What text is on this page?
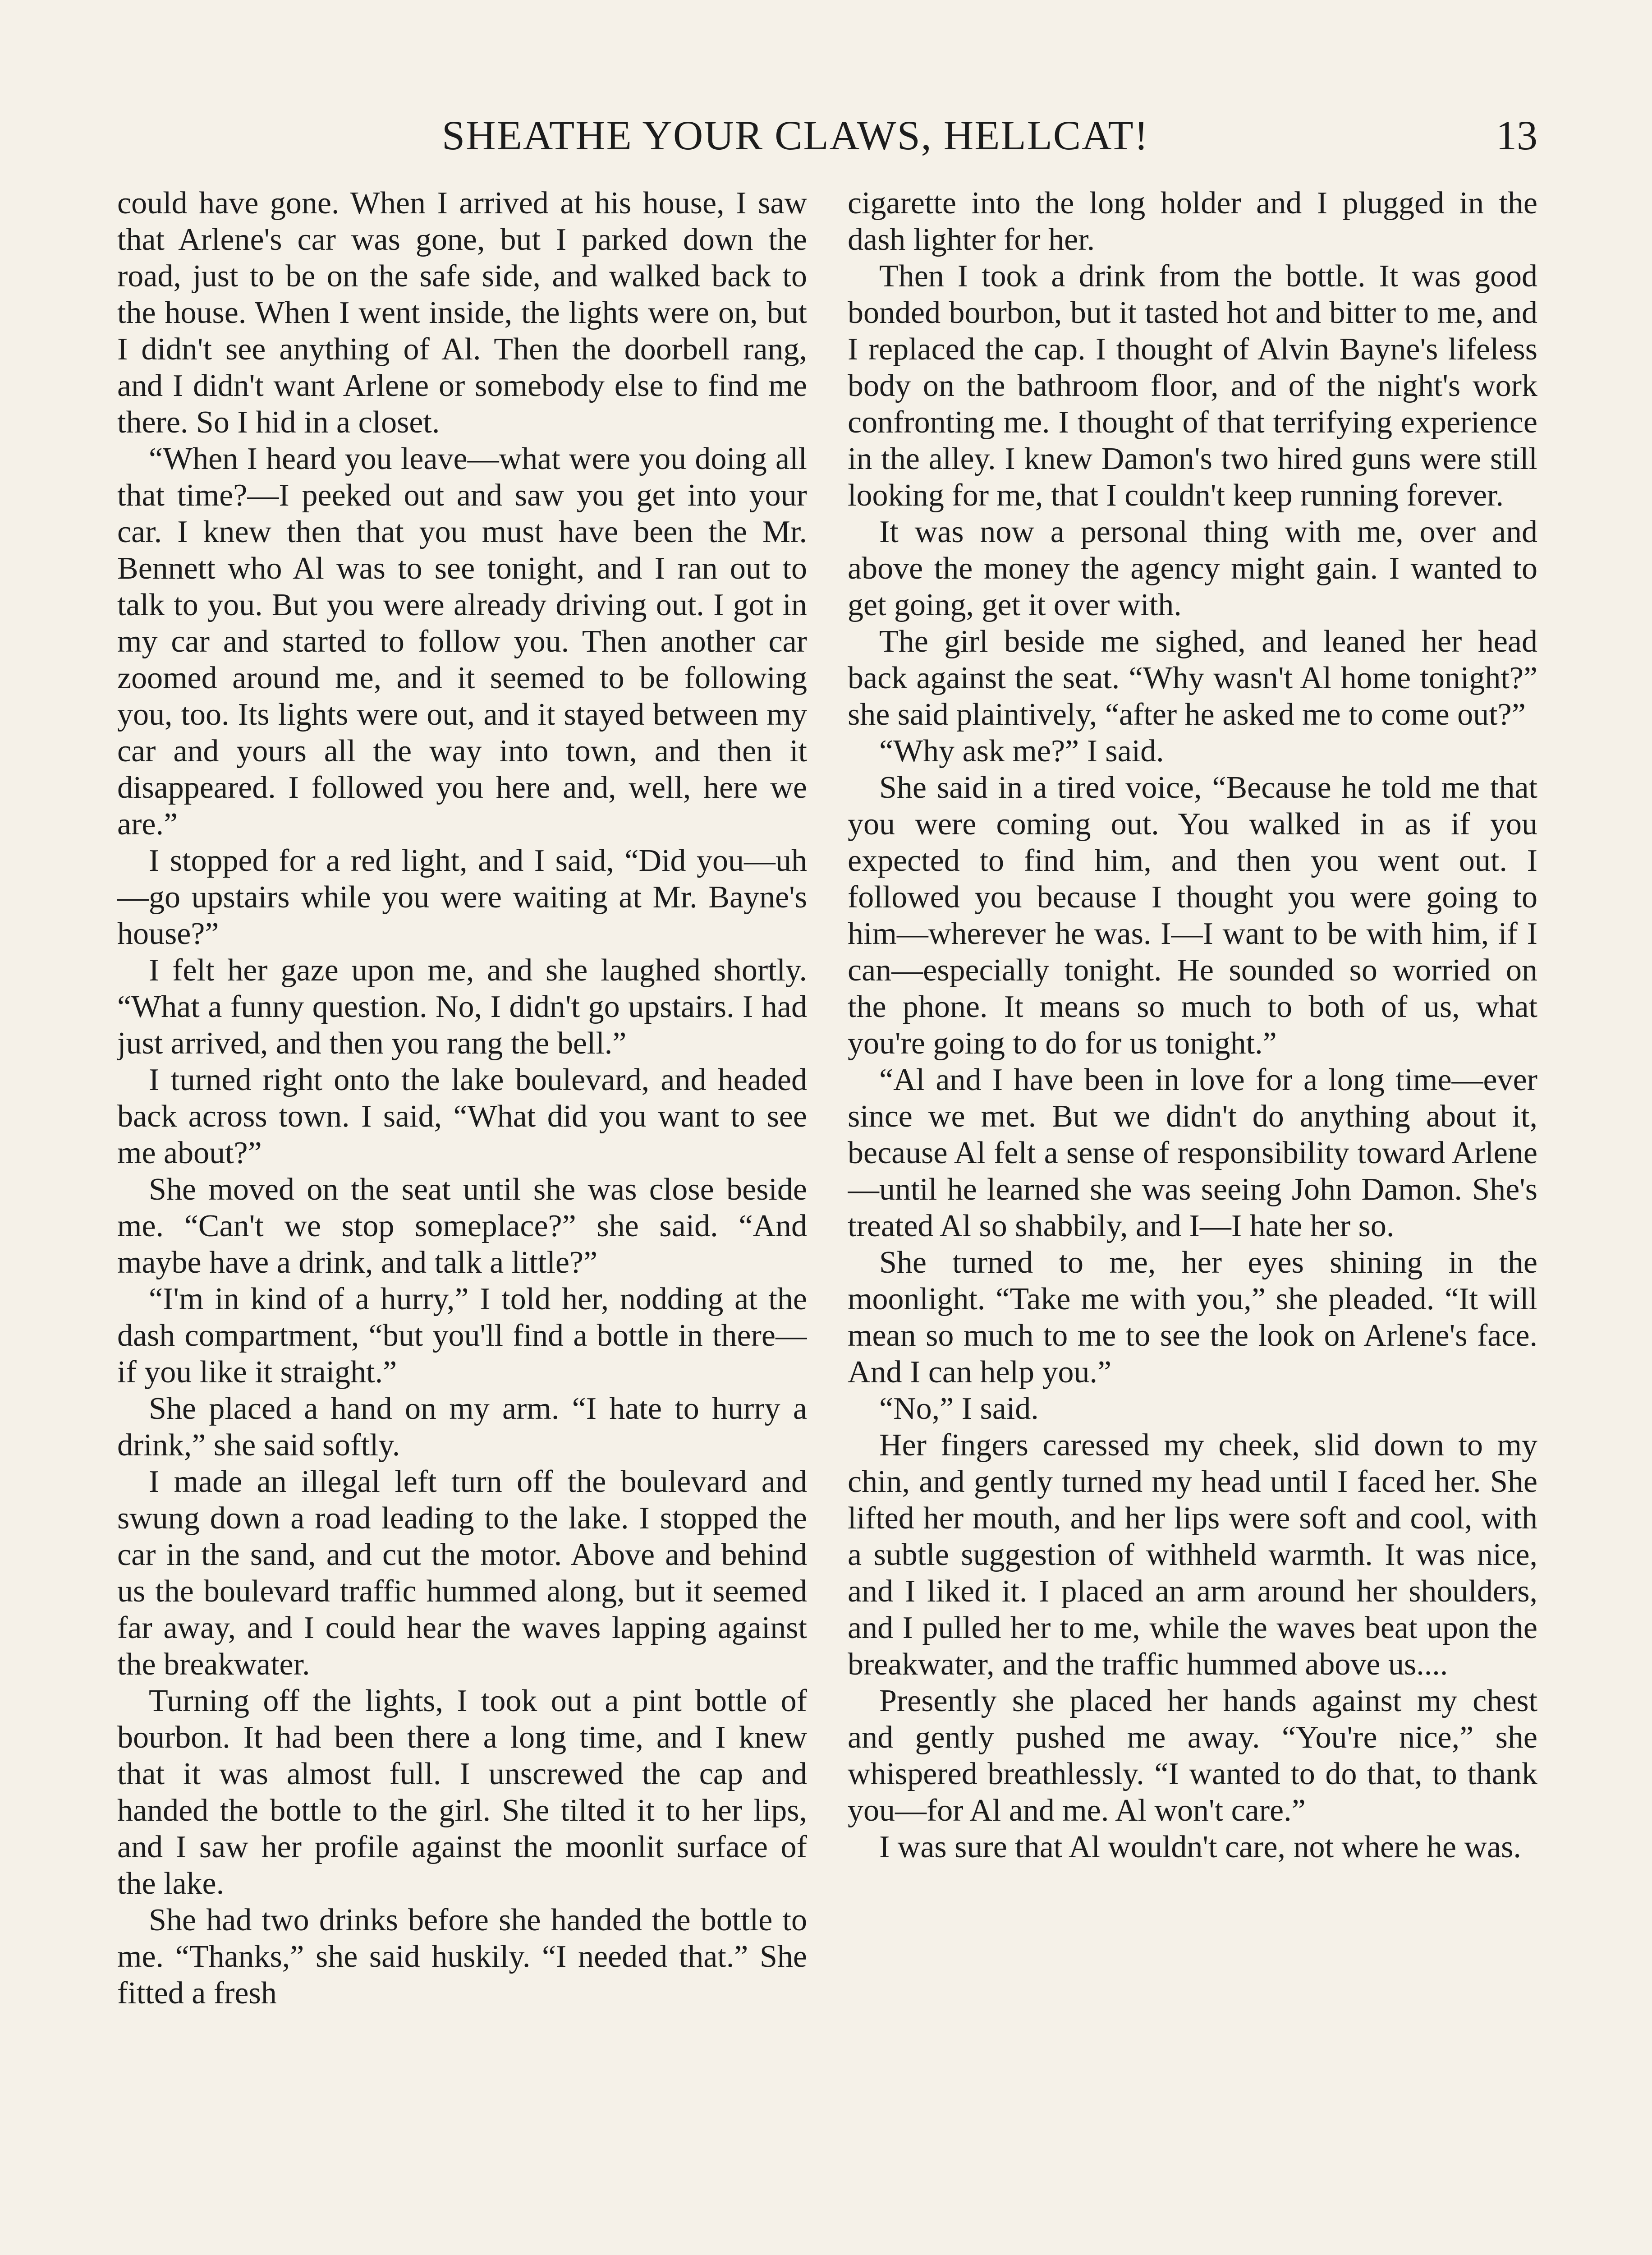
SHEATHE YOUR CLAWS, HELLCAT!	13

could have gone. When I arrived at his house, I saw that Arlene's car was gone, but I parked down the road, just to be on the safe side, and walked back to the house. When I went inside, the lights were on, but I didn't see anything of Al. Then the doorbell rang, and I didn't want Arlene or somebody else to find me there. So I hid in a closet.

“When I heard you leave—what were you doing all that time?—I peeked out and saw you get into your car. I knew then that you must have been the Mr. Bennett who Al was to see tonight, and I ran out to talk to you. But you were already driving out. I got in my car and started to follow you. Then another car zoomed around me, and it seemed to be following you, too. Its lights were out, and it stayed between my car and yours all the way into town, and then it disappeared. I followed you here and, well, here we are.”

I stopped for a red light, and I said, “Did you—uh—go upstairs while you were waiting at Mr. Bayne's house?”

I felt her gaze upon me, and she laughed shortly. “What a funny question. No, I didn't go upstairs. I had just arrived, and then you rang the bell.”

I turned right onto the lake boulevard, and headed back across town. I said, “What did you want to see me about?”

She moved on the seat until she was close beside me. “Can't we stop someplace?” she said. “And maybe have a drink, and talk a little?”

“I'm in kind of a hurry,” I told her, nodding at the dash compartment, “but you'll find a bottle in there—if you like it straight.”

She placed a hand on my arm. “I hate to hurry a drink,” she said softly.

I made an illegal left turn off the boulevard and swung down a road leading to the lake. I stopped the car in the sand, and cut the motor. Above and behind us the boulevard traffic hummed along, but it seemed far away, and I could hear the waves lapping against the breakwater.

Turning off the lights, I took out a pint bottle of bourbon. It had been there a long time, and I knew that it was almost full. I unscrewed the cap and handed the bottle to the girl. She tilted it to her lips, and I saw her profile against the moonlit surface of the lake.

She had two drinks before she handed the bottle to me. “Thanks,” she said huskily. “I needed that.” She fitted a fresh

cigarette into the long holder and I plugged in the dash lighter for her.

Then I took a drink from the bottle. It was good bonded bourbon, but it tasted hot and bitter to me, and I replaced the cap. I thought of Alvin Bayne's lifeless body on the bathroom floor, and of the night's work confronting me. I thought of that terrifying experience in the alley. I knew Damon's two hired guns were still looking for me, that I couldn't keep running forever.

It was now a personal thing with me, over and above the money the agency might gain. I wanted to get going, get it over with.

The girl beside me sighed, and leaned her head back against the seat. “Why wasn't Al home tonight?” she said plaintively, “after he asked me to come out?”

“Why ask me?” I said.

She said in a tired voice, “Because he told me that you were coming out. You walked in as if you expected to find him, and then you went out. I followed you because I thought you were going to him—wherever he was. I—I want to be with him, if I can—especially tonight. He sounded so worried on the phone. It means so much to both of us, what you're going to do for us tonight.”

“Al and I have been in love for a long time—ever since we met. But we didn't do anything about it, because Al felt a sense of responsibility toward Arlene—until he learned she was seeing John Damon. She's treated Al so shabbily, and I—I hate her so.

She turned to me, her eyes shining in the moonlight. “Take me with you,” she pleaded. “It will mean so much to me to see the look on Arlene's face. And I can help you.”

“No,” I said.

Her fingers caressed my cheek, slid down to my chin, and gently turned my head until I faced her. She lifted her mouth, and her lips were soft and cool, with a subtle suggestion of withheld warmth. It was nice, and I liked it. I placed an arm around her shoulders, and I pulled her to me, while the waves beat upon the breakwater, and the traffic hummed above us....

Presently she placed her hands against my chest and gently pushed me away. “You're nice,” she whispered breathlessly. “I wanted to do that, to thank you—for Al and me. Al won't care.”

I was sure that Al wouldn't care, not where he was.
